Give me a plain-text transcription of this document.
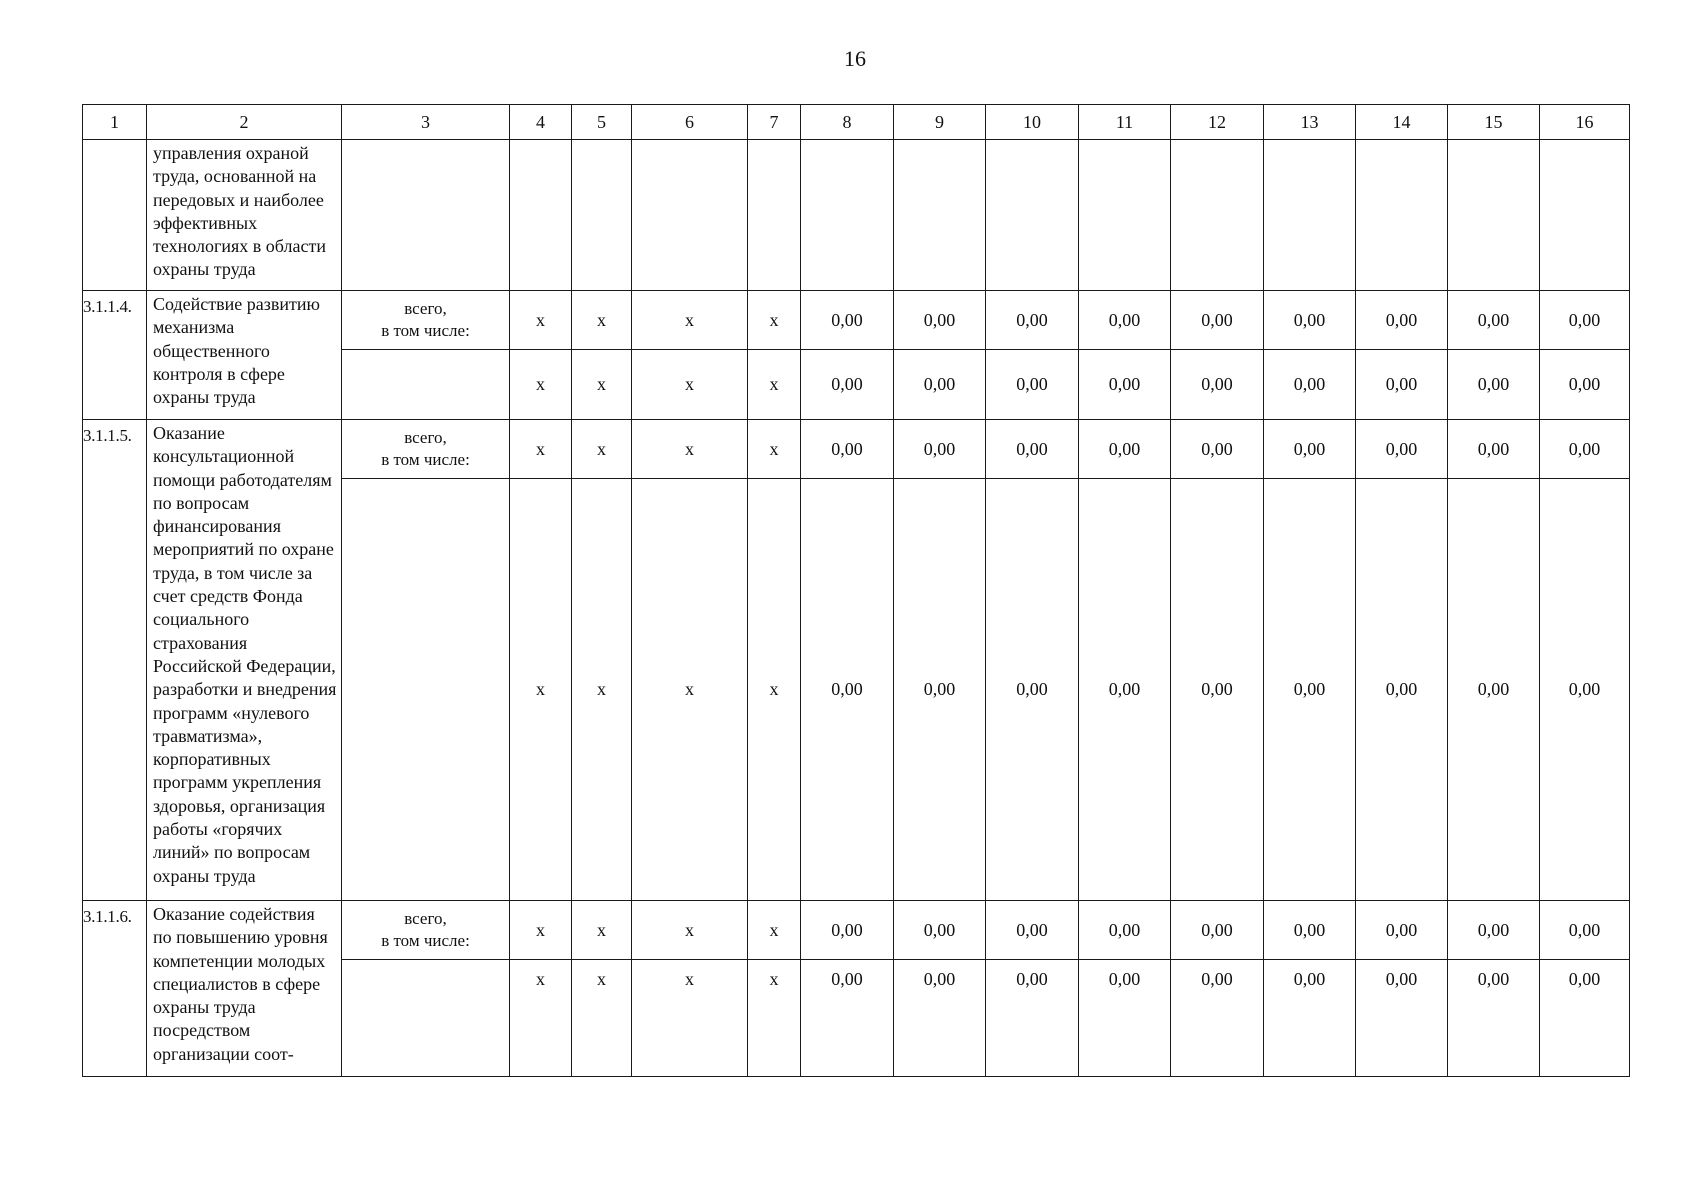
16
1	2	3	4	5	6	7	8	9	10	11	12	13	14	15	16
	управления охраной труда, основанной на передовых и наиболее эффективных технологиях в области охраны труда														
3.1.1.4.	Содействие развитию механизма общественного контроля в сфере охраны труда	всего,
в том числе:	x	x	x	x	0,00	0,00	0,00	0,00	0,00	0,00	0,00	0,00	0,00
			x	x	x	x	0,00	0,00	0,00	0,00	0,00	0,00	0,00	0,00	0,00
3.1.1.5.	Оказание консультационной помощи работодателям по вопросам финансирования мероприятий по охране труда, в том числе за счет средств Фонда социального страхования Российской Федерации, разработки и внедрения программ «нулевого травматизма», корпоративных программ укрепления здоровья, организация работы «горячих линий» по вопросам охраны труда	всего,
в том числе:	x	x	x	x	0,00	0,00	0,00	0,00	0,00	0,00	0,00	0,00	0,00
			x	x	x	x	0,00	0,00	0,00	0,00	0,00	0,00	0,00	0,00	0,00
3.1.1.6.	Оказание содействия по повышению уровня компетенции молодых специалистов в сфере охраны труда посредством организации соот-	всего,
в том числе:	x	x	x	x	0,00	0,00	0,00	0,00	0,00	0,00	0,00	0,00	0,00
			x	x	x	x	0,00	0,00	0,00	0,00	0,00	0,00	0,00	0,00	0,00
